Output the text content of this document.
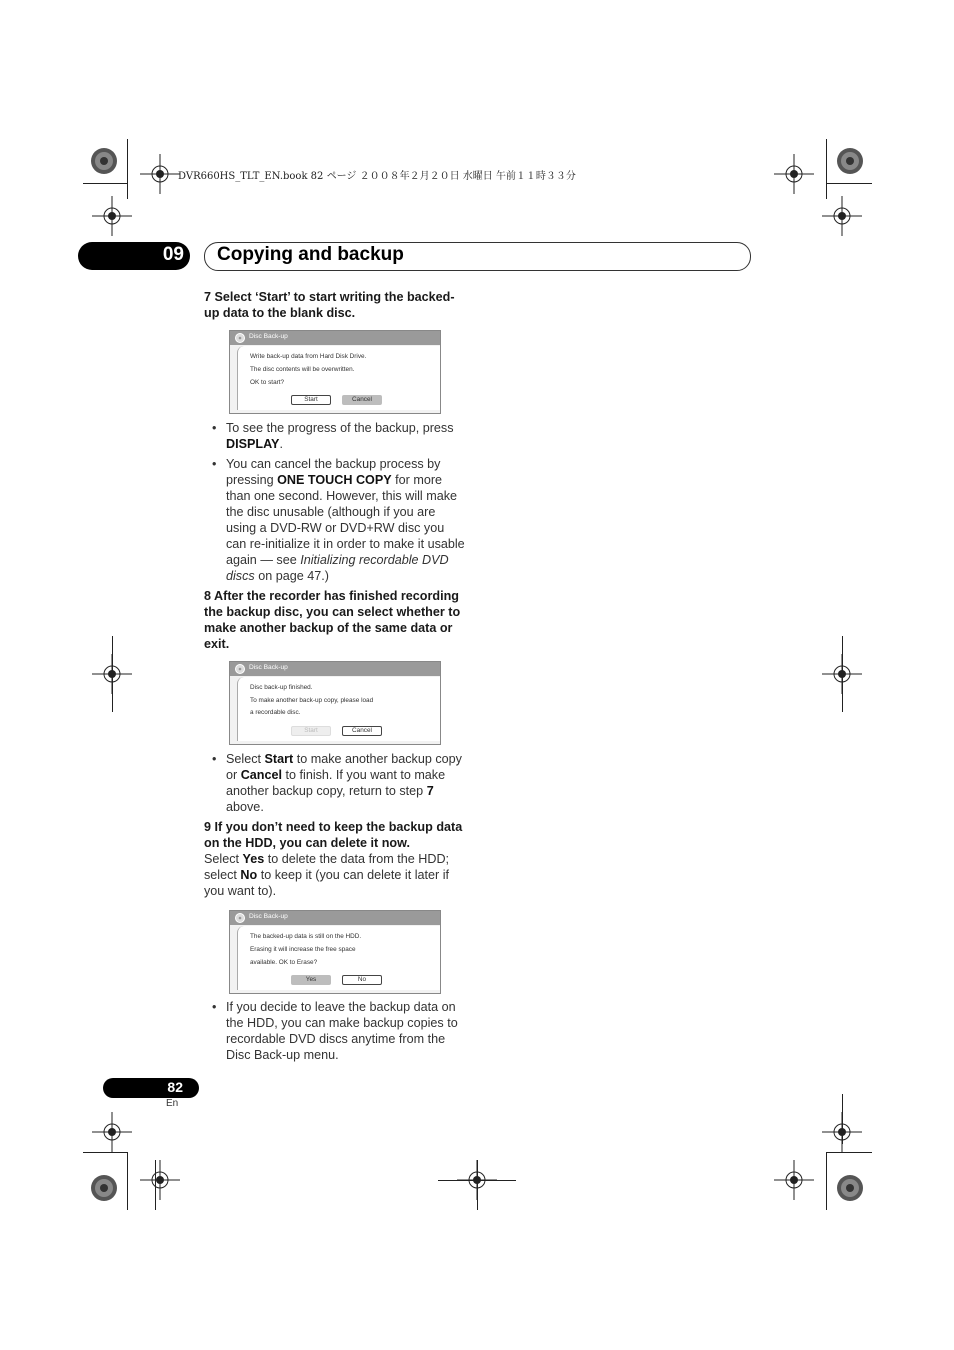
DVR660HS_TLT_EN.book 82 ページ ２００８年２月２０日 水曜日 午前１１時３３分
09 Copying and backup
7 Select ‘Start’ to start writing the backed-up data to the blank disc.
Disc Back-up
Write back-up data from Hard Disk Drive.
The disc contents will be overwritten.
OK to start?
Start	Cancel
• To see the progress of the backup, press DISPLAY.
• You can cancel the backup process by pressing ONE TOUCH COPY for more than one second. However, this will make the disc unusable (although if you are using a DVD-RW or DVD+RW disc you can re-initialize it in order to make it usable again — see Initializing recordable DVD discs on page 47.)
8 After the recorder has finished recording the backup disc, you can select whether to make another backup of the same data or exit.
Disc Back-up
Disc back-up finished.
To make another back-up copy, please load
a recordable disc.
Start	Cancel
• Select Start to make another backup copy or Cancel to finish. If you want to make another backup copy, return to step 7 above.
9 If you don’t need to keep the backup data on the HDD, you can delete it now.
Select Yes to delete the data from the HDD; select No to keep it (you can delete it later if you want to).
Disc Back-up
The backed-up data is still on the HDD.
Erasing it will increase the free space
available. OK to Erase?
Yes	No
• If you decide to leave the backup data on the HDD, you can make backup copies to recordable DVD discs anytime from the Disc Back-up menu.
82
En
